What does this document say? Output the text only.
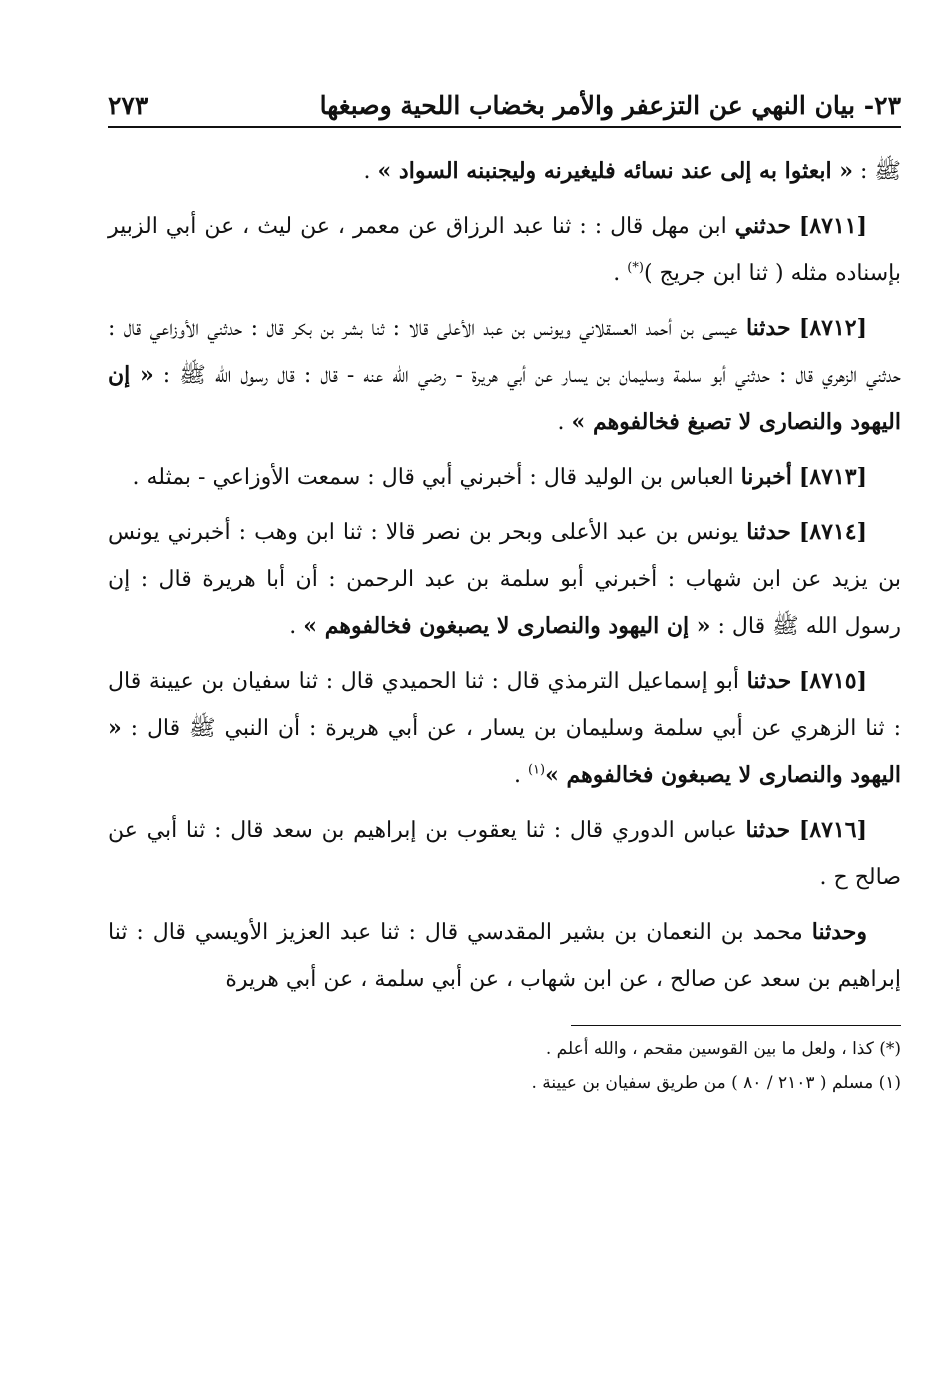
٢٣- بيان النهي عن التزعفر والأمر بخضاب اللحية وصبغها
٢٧٣

ﷺ : « ابعثوا به إلى عند نسائه فليغيرنه وليجنبنه السواد » .

[٨٧١١] حدثني ابن مهل قال : : ثنا عبد الرزاق عن معمر ، عن ليث ، عن أبي الزبير بإسناده مثله ( ثنا ابن جريج )(*) .

[٨٧١٢] حدثنا عيسى بن أحمد العسقلاني ويونس بن عبد الأعلى قالا : ثنا بشر بن بكر قال : حدثني الأوزاعي قال : حدثني الزهري قال : حدثني أبو سلمة وسليمان بن يسار عن أبي هريرة - رضي الله عنه - قال : قال رسول الله ﷺ : « إن اليهود والنصارى لا تصبغ فخالفوهم » .

[٨٧١٣] أخبرنا العباس بن الوليد قال : أخبرني أبي قال : سمعت الأوزاعي - بمثله .

[٨٧١٤] حدثنا يونس بن عبد الأعلى وبحر بن نصر قالا : ثنا ابن وهب : أخبرني يونس بن يزيد عن ابن شهاب : أخبرني أبو سلمة بن عبد الرحمن : أن أبا هريرة قال : إن رسول الله ﷺ قال : « إن اليهود والنصارى لا يصبغون فخالفوهم » .

[٨٧١٥] حدثنا أبو إسماعيل الترمذي قال : ثنا الحميدي قال : ثنا سفيان بن عيينة قال : ثنا الزهري عن أبي سلمة وسليمان بن يسار ، عن أبي هريرة : أن النبي ﷺ قال : « اليهود والنصارى لا يصبغون فخالفوهم »$^{(١)}$ .

[٨٧١٦] حدثنا عباس الدوري قال : ثنا يعقوب بن إبراهيم بن سعد قال : ثنا أبي عن صالح ح .

وحدثنا محمد بن النعمان بن بشير المقدسي قال : ثنا عبد العزيز الأويسي قال : ثنا إبراهيم بن سعد عن صالح ، عن ابن شهاب ، عن أبي سلمة ، عن أبي هريرة

(*) كذا ، ولعل ما بين القوسين مقحم ، والله أعلم .
(١) مسلم ( ٢١٠٣ / ٨٠ ) من طريق سفيان بن عيينة .
